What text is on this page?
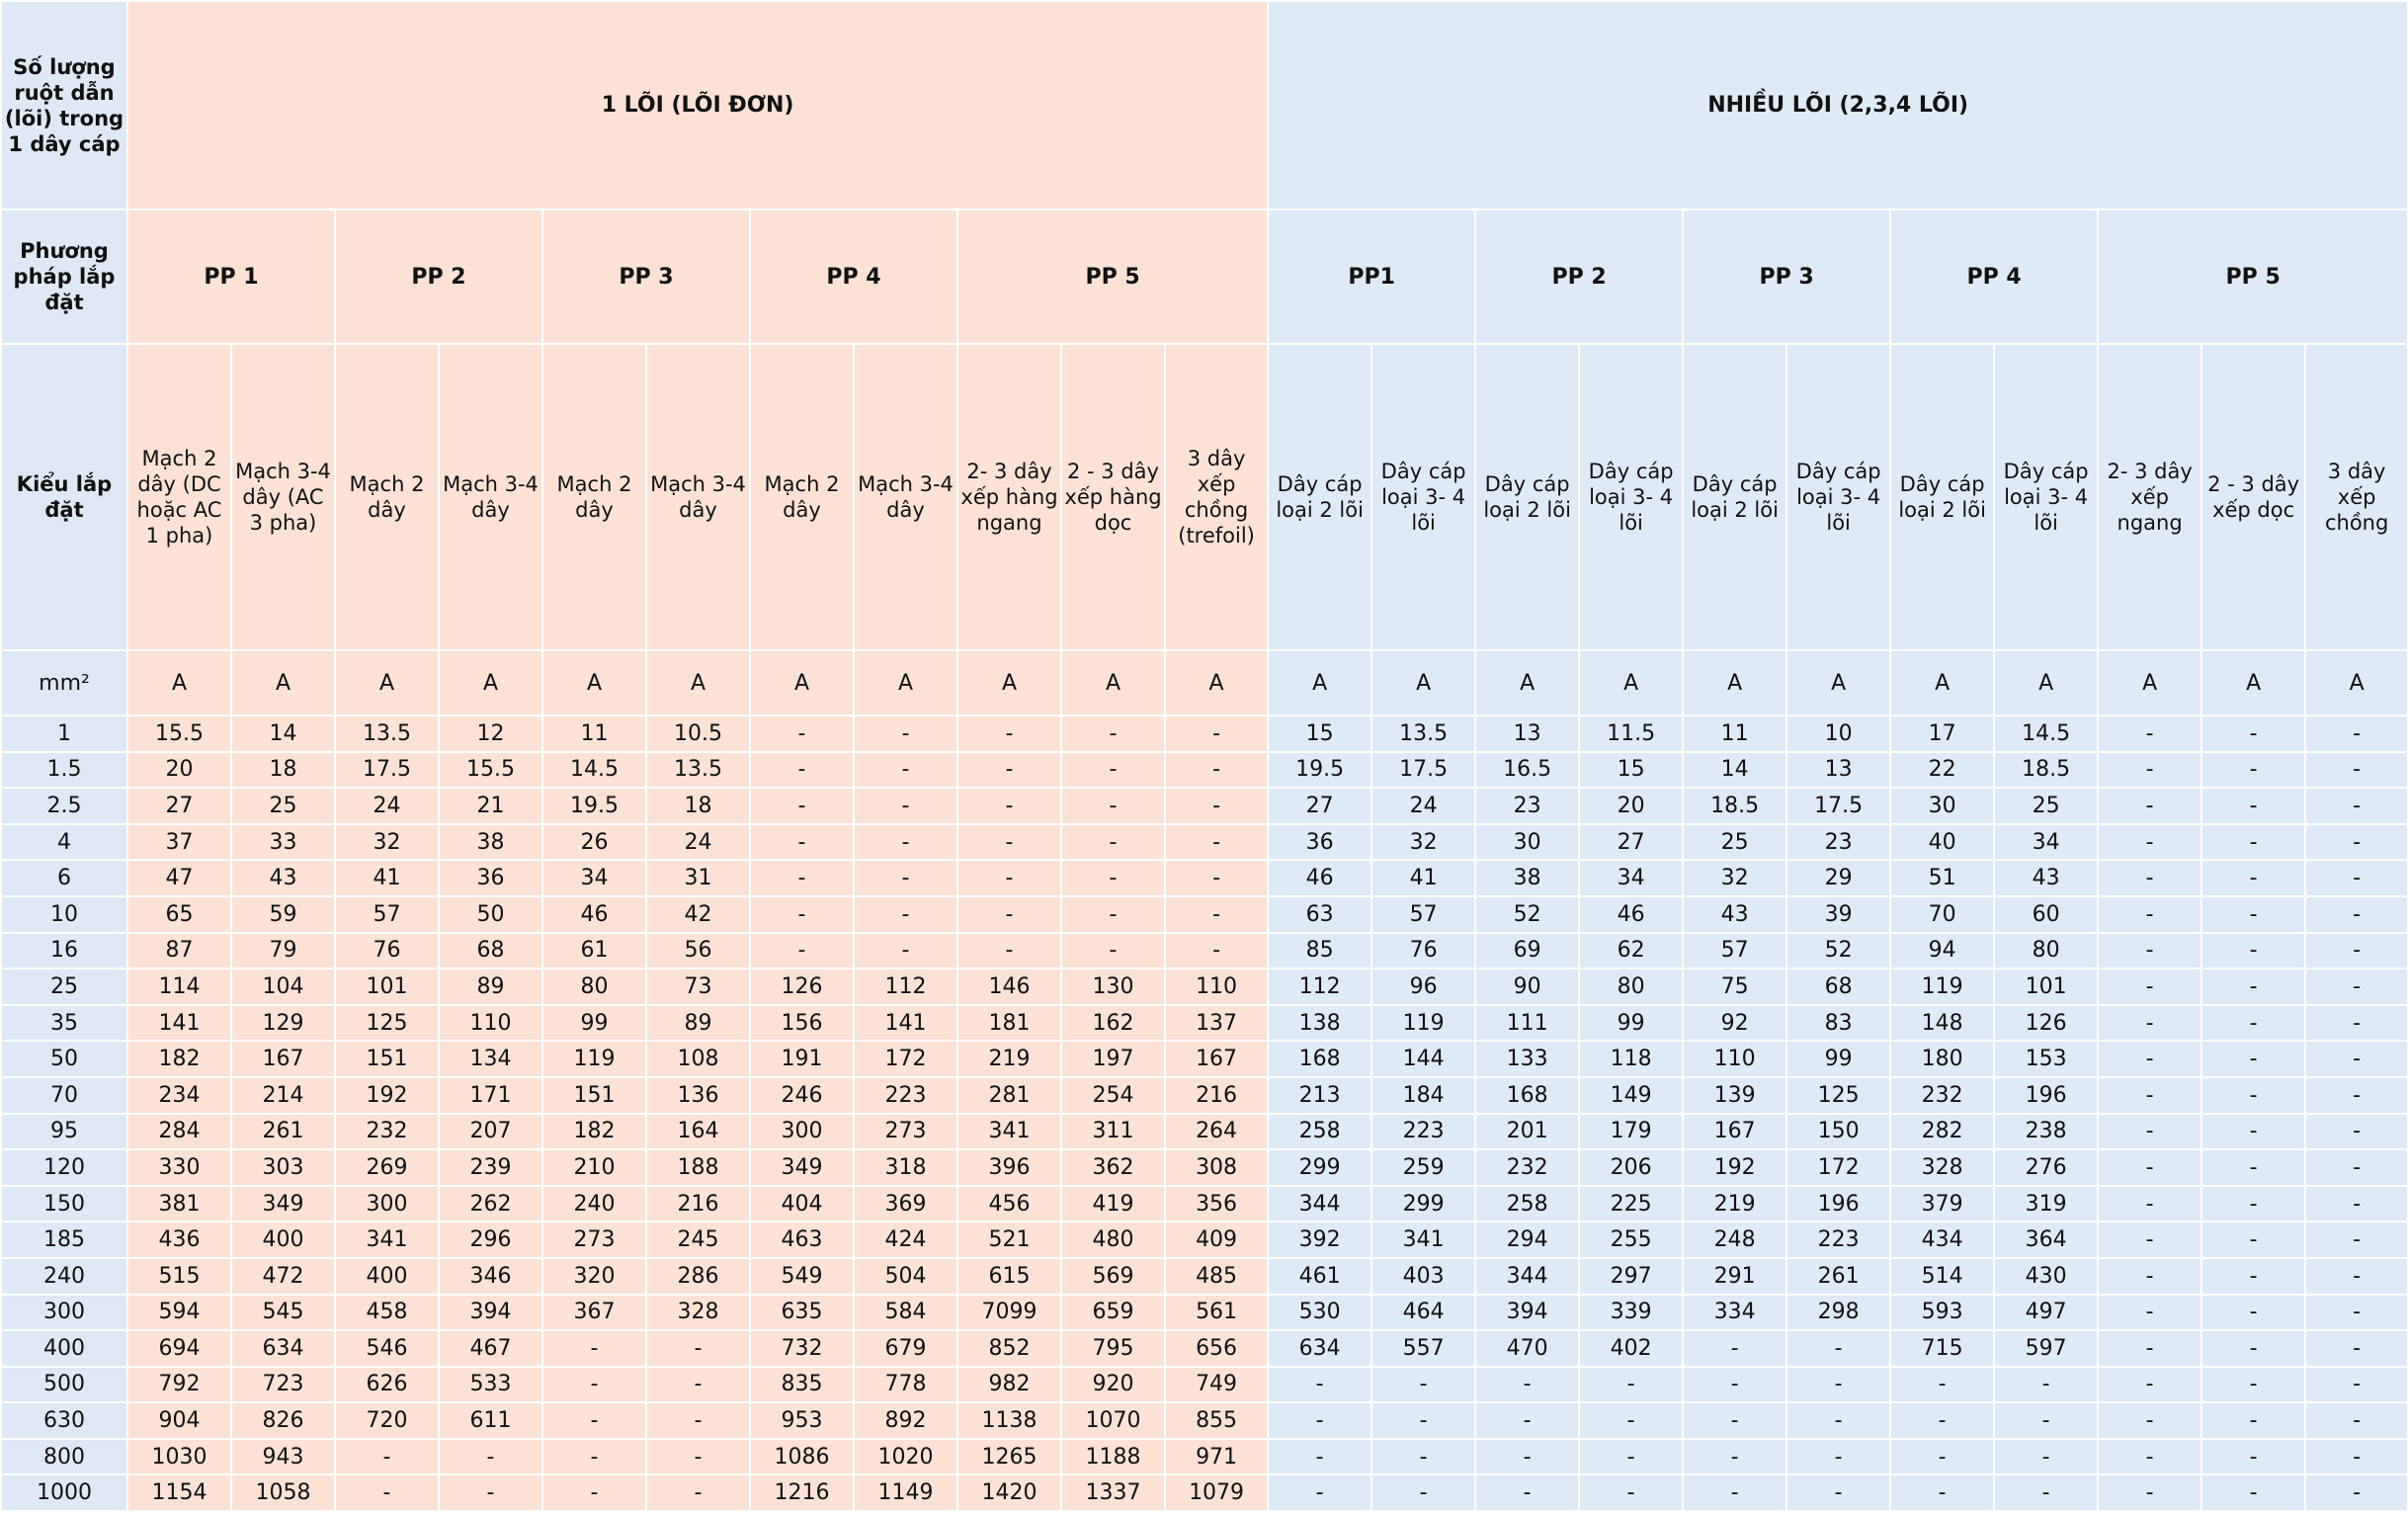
Số lượng ruột dẫn (lõi) trong 1 dây cáp	1 LÕI (LÕI ĐƠN)											NHIỀU LÕI (2,3,4 LÕI)										
Phương pháp lắp đặt	PP 1		PP 2		PP 3		PP 4		PP 5			PP1		PP 2		PP 3		PP 4		PP 5		
Kiểu lắp đặt	Mạch 2 dây (DC hoặc AC 1 pha)	Mạch 3-4 dây (AC 3 pha)	Mạch 2 dây	Mạch 3-4 dây	Mạch 2 dây	Mạch 3-4 dây	Mạch 2 dây	Mạch 3-4 dây	2- 3 dây xếp hàng ngang	2 - 3 dây xếp hàng dọc	3 dây xếp chồng (trefoil)	Dây cáp loại 2 lõi	Dây cáp loại 3- 4 lõi	Dây cáp loại 2 lõi	Dây cáp loại 3- 4 lõi	Dây cáp loại 2 lõi	Dây cáp loại 3- 4 lõi	Dây cáp loại 2 lõi	Dây cáp loại 3- 4 lõi	2- 3 dây xếp ngang	2 - 3 dây xếp dọc	3 dây xếp chồng
mm²	A	A	A	A	A	A	A	A	A	A	A	A	A	A	A	A	A	A	A	A	A	A
1	15.5	14	13.5	12	11	10.5	-	-	-	-	-	15	13.5	13	11.5	11	10	17	14.5	-	-	-
1.5	20	18	17.5	15.5	14.5	13.5	-	-	-	-	-	19.5	17.5	16.5	15	14	13	22	18.5	-	-	-
2.5	27	25	24	21	19.5	18	-	-	-	-	-	27	24	23	20	18.5	17.5	30	25	-	-	-
4	37	33	32	38	26	24	-	-	-	-	-	36	32	30	27	25	23	40	34	-	-	-
6	47	43	41	36	34	31	-	-	-	-	-	46	41	38	34	32	29	51	43	-	-	-
10	65	59	57	50	46	42	-	-	-	-	-	63	57	52	46	43	39	70	60	-	-	-
16	87	79	76	68	61	56	-	-	-	-	-	85	76	69	62	57	52	94	80	-	-	-
25	114	104	101	89	80	73	126	112	146	130	110	112	96	90	80	75	68	119	101	-	-	-
35	141	129	125	110	99	89	156	141	181	162	137	138	119	111	99	92	83	148	126	-	-	-
50	182	167	151	134	119	108	191	172	219	197	167	168	144	133	118	110	99	180	153	-	-	-
70	234	214	192	171	151	136	246	223	281	254	216	213	184	168	149	139	125	232	196	-	-	-
95	284	261	232	207	182	164	300	273	341	311	264	258	223	201	179	167	150	282	238	-	-	-
120	330	303	269	239	210	188	349	318	396	362	308	299	259	232	206	192	172	328	276	-	-	-
150	381	349	300	262	240	216	404	369	456	419	356	344	299	258	225	219	196	379	319	-	-	-
185	436	400	341	296	273	245	463	424	521	480	409	392	341	294	255	248	223	434	364	-	-	-
240	515	472	400	346	320	286	549	504	615	569	485	461	403	344	297	291	261	514	430	-	-	-
300	594	545	458	394	367	328	635	584	7099	659	561	530	464	394	339	334	298	593	497	-	-	-
400	694	634	546	467	-	-	732	679	852	795	656	634	557	470	402	-	-	715	597	-	-	-
500	792	723	626	533	-	-	835	778	982	920	749	-	-	-	-	-	-	-	-	-	-	-
630	904	826	720	611	-	-	953	892	1138	1070	855	-	-	-	-	-	-	-	-	-	-	-
800	1030	943	-	-	-	-	1086	1020	1265	1188	971	-	-	-	-	-	-	-	-	-	-	-
1000	1154	1058	-	-	-	-	1216	1149	1420	1337	1079	-	-	-	-	-	-	-	-	-	-	-
